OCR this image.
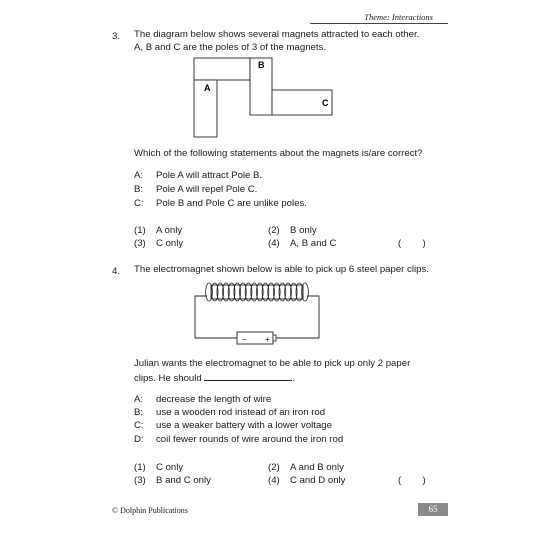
Theme: Interactions
3. The diagram below shows several magnets attracted to each other.
A, B and C are the poles of 3 of the magnets.
A
B
C
Which of the following statements about the magnets is/are correct?
A: Pole A will attract Pole B.
B: Pole A will repel Pole C.
C: Pole B and Pole C are unlike poles.
(1) A only	(2) B only
(3) C only	(4) A, B and C	(        )
4. The electromagnet shown below is able to pick up 6 steel paper clips.
− +
Julian wants the electromagnet to be able to pick up only 2 paper
clips. He should	.
A: decrease the length of wire
B: use a wooden rod instead of an iron rod
C: use a weaker battery with a lower voltage
D: coil fewer rounds of wire around the iron rod
(1) C only	(2) A and B only
(3) B and C only	(4) C and D only	(        )
© Dolphin Publications	65
